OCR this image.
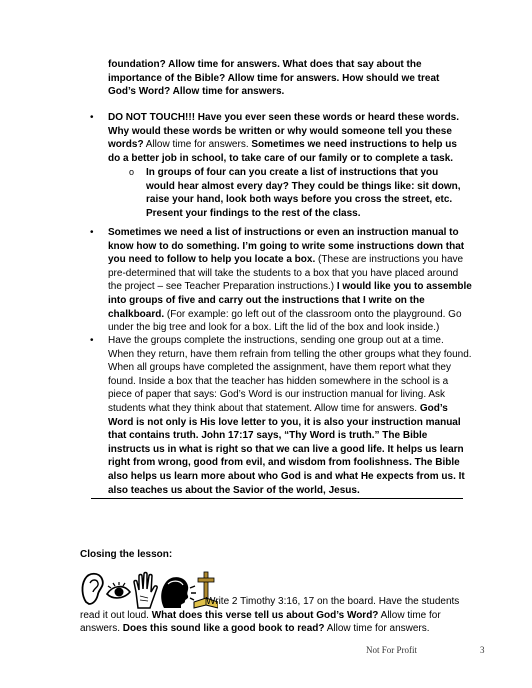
foundation? Allow time for answers. What does that say about the importance of the Bible? Allow time for answers. How should we treat God’s Word? Allow time for answers.

• DO NOT TOUCH!!! Have you ever seen these words or heard these words. Why would these words be written or why would someone tell you these words? Allow time for answers. Sometimes we need instructions to help us do a better job in school, to take care of our family or to complete a task.

o In groups of four can you create a list of instructions that you would hear almost every day? They could be things like: sit down, raise your hand, look both ways before you cross the street, etc. Present your findings to the rest of the class.

• Sometimes we need a list of instructions or even an instruction manual to know how to do something. I’m going to write some instructions down that you need to follow to help you locate a box. (These are instructions you have pre-determined that will take the students to a box that you have placed around the project – see Teacher Preparation instructions.) I would like you to assemble into groups of five and carry out the instructions that I write on the chalkboard. (For example: go left out of the classroom onto the playground. Go under the big tree and look for a box. Lift the lid of the box and look inside.)

• Have the groups complete the instructions, sending one group out at a time. When they return, have them refrain from telling the other groups what they found. When all groups have completed the assignment, have them report what they found. Inside a box that the teacher has hidden somewhere in the school is a piece of paper that says: God’s Word is our instruction manual for living. Ask students what they think about that statement. Allow time for answers. God’s Word is not only is His love letter to you, it is also your instruction manual that contains truth. John 17:17 says, “Thy Word is truth.” The Bible instructs us in what is right so that we can live a good life. It helps us learn right from wrong, good from evil, and wisdom from foolishness. The Bible also helps us learn more about who God is and what He expects from us. It also teaches us about the Savior of the world, Jesus.

Closing the lesson:

Write 2 Timothy 3:16, 17 on the board. Have the students read it out loud. What does this verse tell us about God’s Word? Allow time for answers. Does this sound like a good book to read? Allow time for answers.

Not For Profit	3
